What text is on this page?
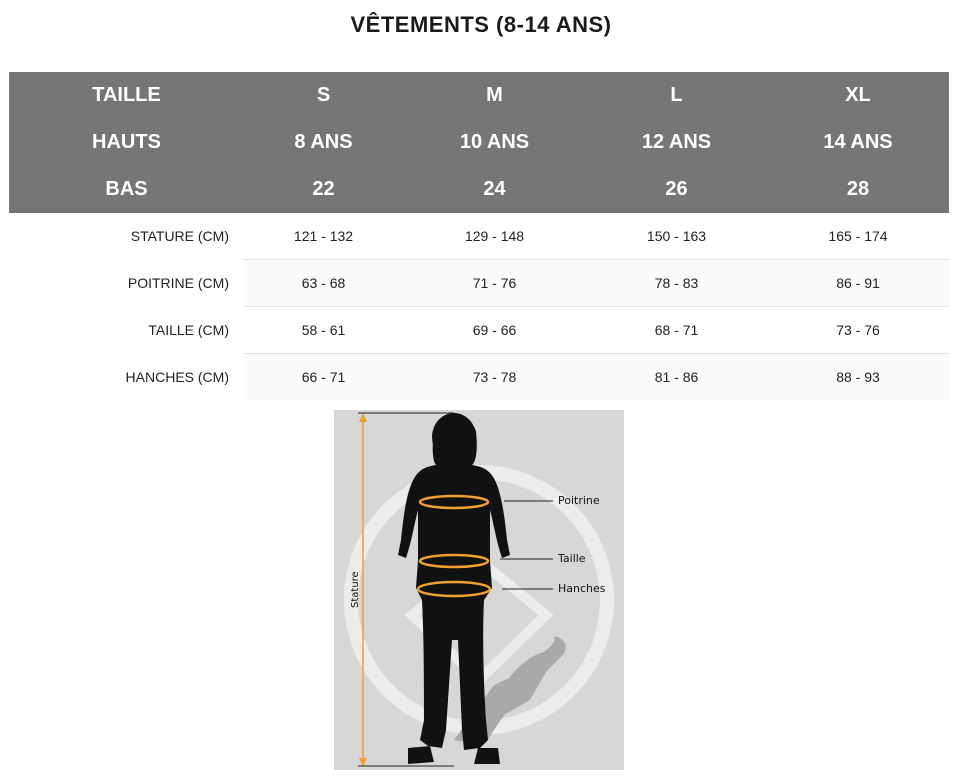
VÊTEMENTS (8-14 ANS)
TAILLE	S	M	L	XL
HAUTS	8 ANS	10 ANS	12 ANS	14 ANS
BAS	22	24	26	28
STATURE (CM)	121 - 132	129 - 148	150 - 163	165 - 174
POITRINE (CM)	63 - 68	71 - 76	78 - 83	86 - 91
TAILLE (CM)	58 - 61	69 - 66	68 - 71	73 - 76
HANCHES (CM)	66 - 71	73 - 78	81 - 86	88 - 93
Stature
Poitrine
Taille
Hanches
